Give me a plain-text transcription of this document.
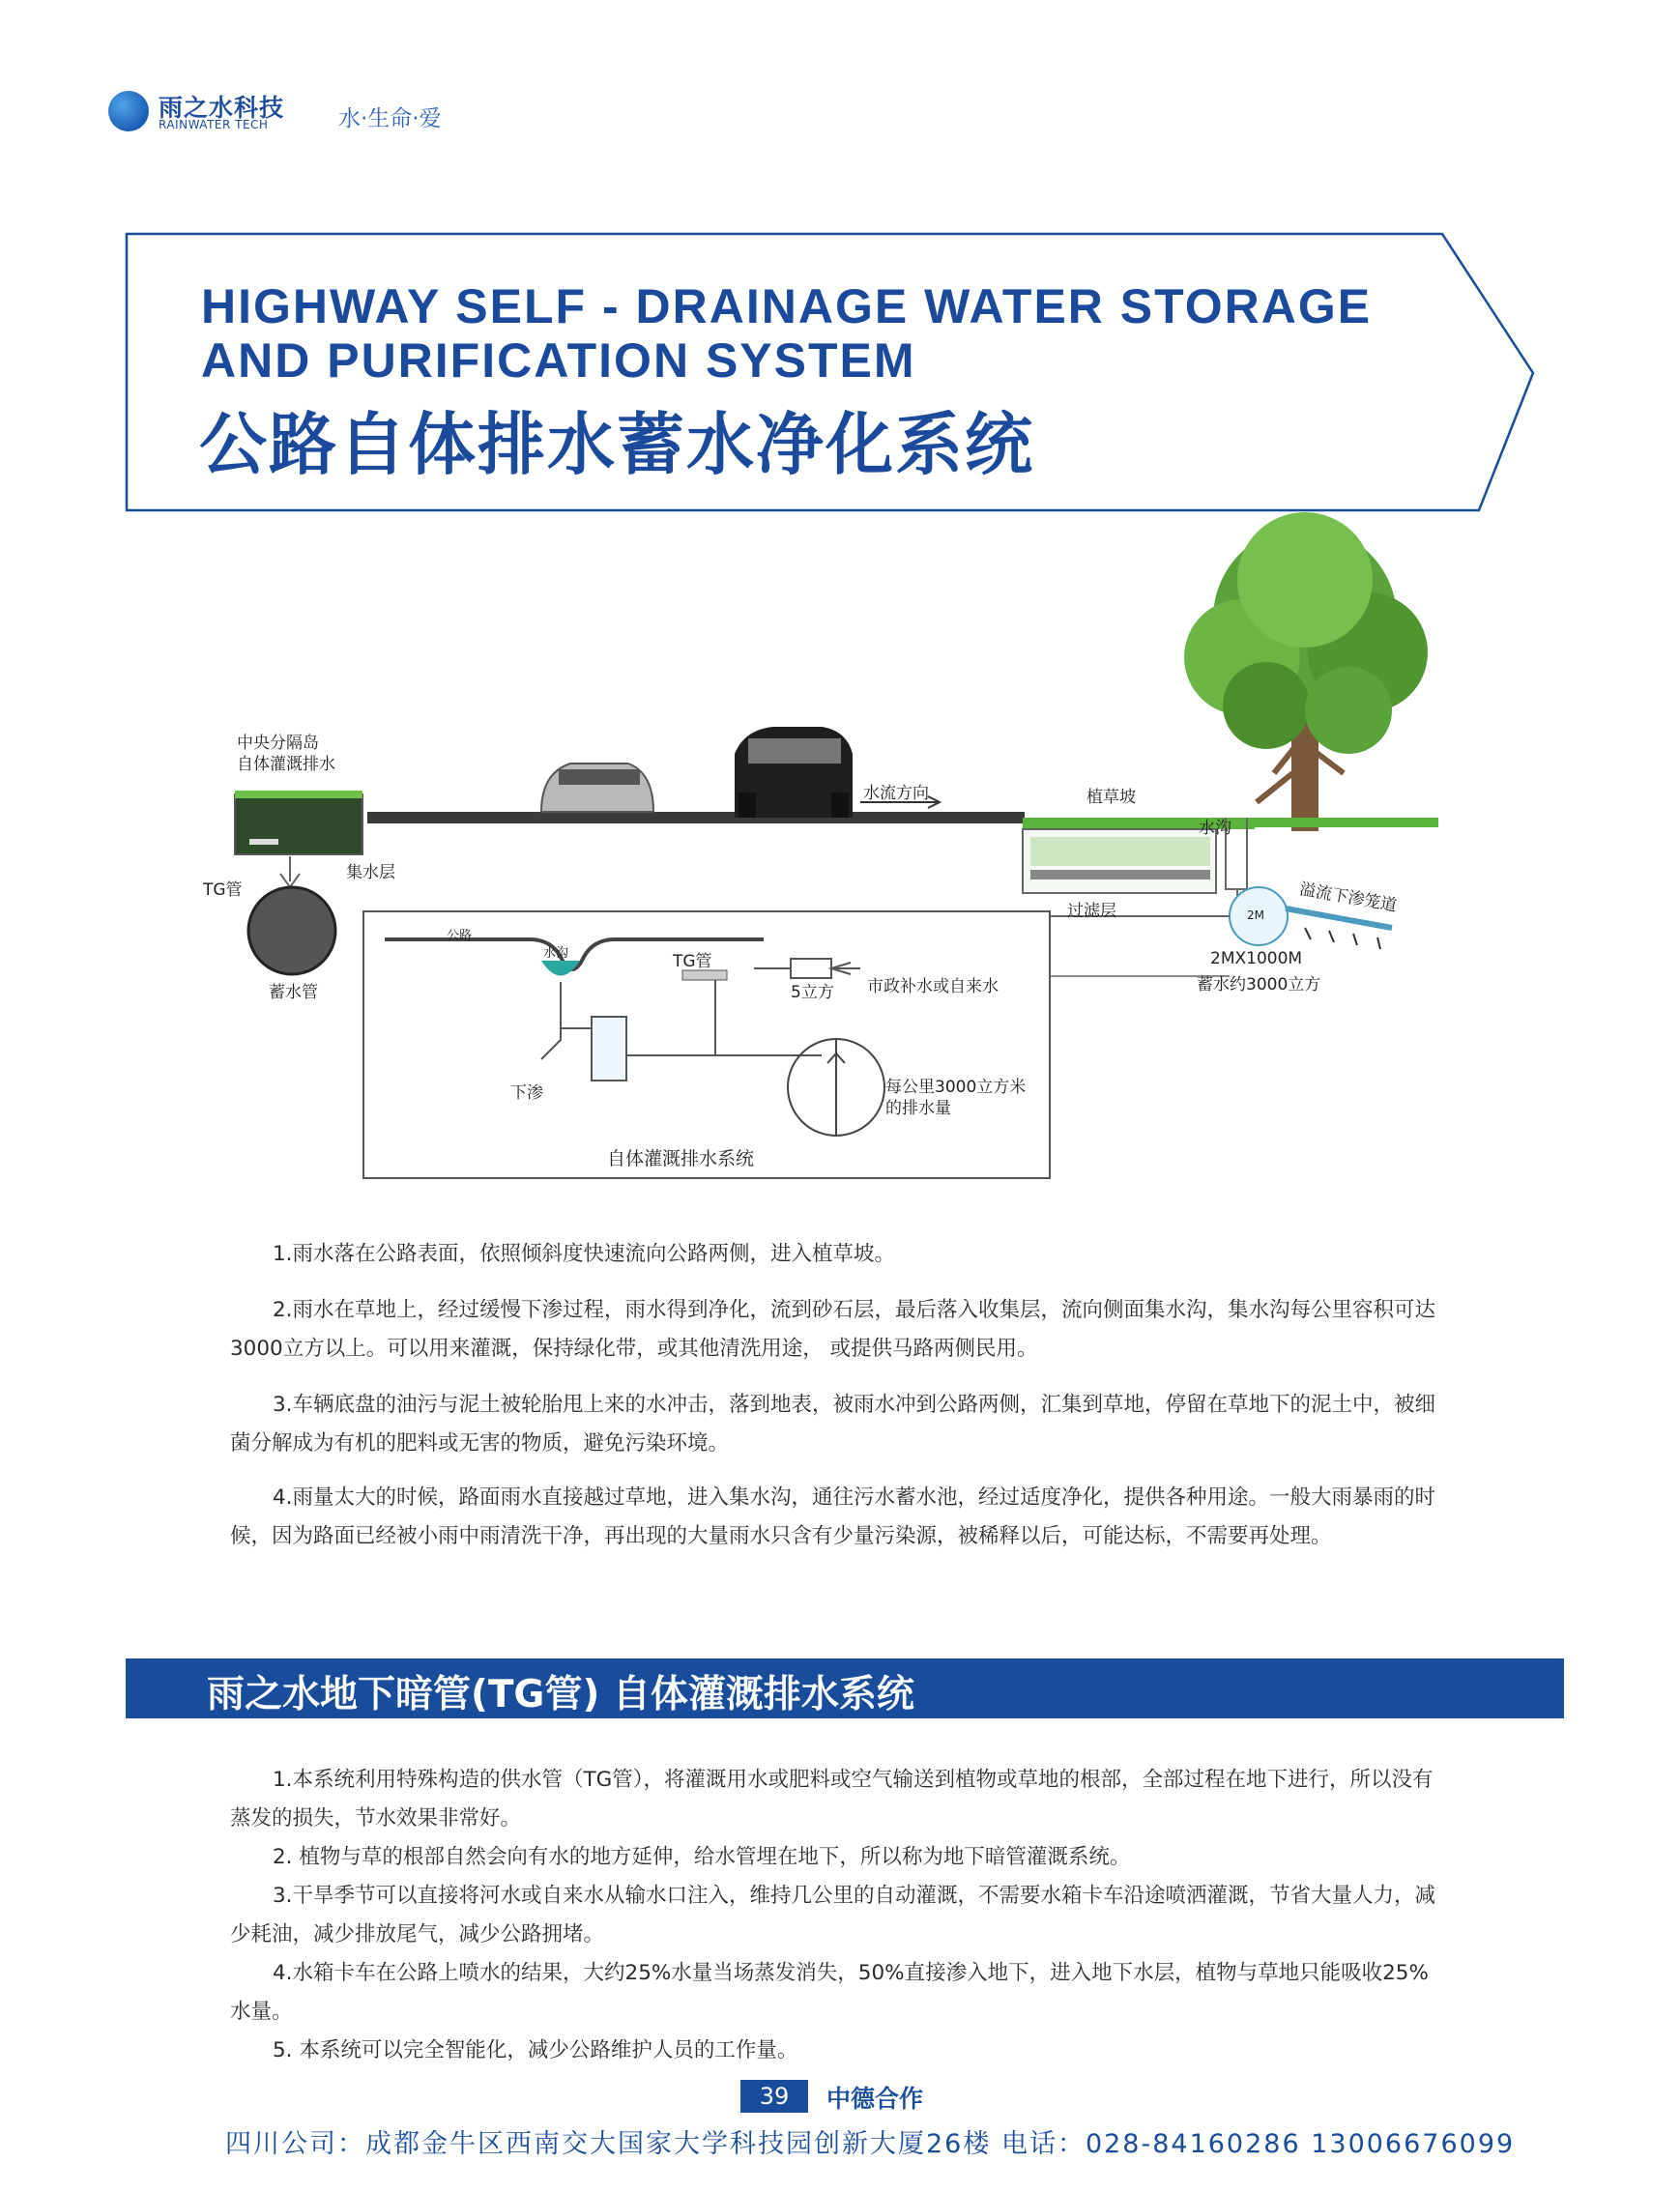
雨之水科技
RAINWATER TECH	水·生命·爱
HIGHWAY SELF - DRAINAGE WATER STORAGE
AND PURIFICATION SYSTEM
公路自体排水蓄水净化系统
中央分隔岛
自体灌溉排水
TG管
集水层
蓄水管
水流方向	植草坡
水沟
过滤层	溢流下渗笼道
2M
2MX1000M
蓄水约3000立方
公路
水沟	TG管
5立方 市政补水或自来水
下渗	每公里3000立方米
的排水量
自体灌溉排水系统
1.雨水落在公路表面，依照倾斜度快速流向公路两侧，进入植草坡。
2.雨水在草地上，经过缓慢下渗过程，雨水得到净化，流到砂石层，最后落入收集层，流向侧面集水沟，集水沟每公里容积可达3000立方以上。可以用来灌溉，保持绿化带，或其他清洗用途， 或提供马路两侧民用。
3.车辆底盘的油污与泥土被轮胎甩上来的水冲击，落到地表，被雨水冲到公路两侧，汇集到草地，停留在草地下的泥土中，被细菌分解成为有机的肥料或无害的物质，避免污染环境。
4.雨量太大的时候，路面雨水直接越过草地，进入集水沟，通往污水蓄水池，经过适度净化，提供各种用途。一般大雨暴雨的时候，因为路面已经被小雨中雨清洗干净，再出现的大量雨水只含有少量污染源，被稀释以后，可能达标，不需要再处理。
雨之水地下暗管(TG管) 自体灌溉排水系统
1.本系统利用特殊构造的供水管（TG管），将灌溉用水或肥料或空气输送到植物或草地的根部，全部过程在地下进行，所以没有蒸发的损失，节水效果非常好。
2. 植物与草的根部自然会向有水的地方延伸，给水管埋在地下，所以称为地下暗管灌溉系统。
3.干旱季节可以直接将河水或自来水从输水口注入，维持几公里的自动灌溉，不需要水箱卡车沿途喷洒灌溉，节省大量人力，减少耗油，减少排放尾气，减少公路拥堵。
4.水箱卡车在公路上喷水的结果，大约25%水量当场蒸发消失，50%直接渗入地下，进入地下水层，植物与草地只能吸收25%水量。
5. 本系统可以完全智能化，减少公路维护人员的工作量。
39	中德合作
四川公司：成都金牛区西南交大国家大学科技园创新大厦26楼 电话：028-84160286 13006676099
